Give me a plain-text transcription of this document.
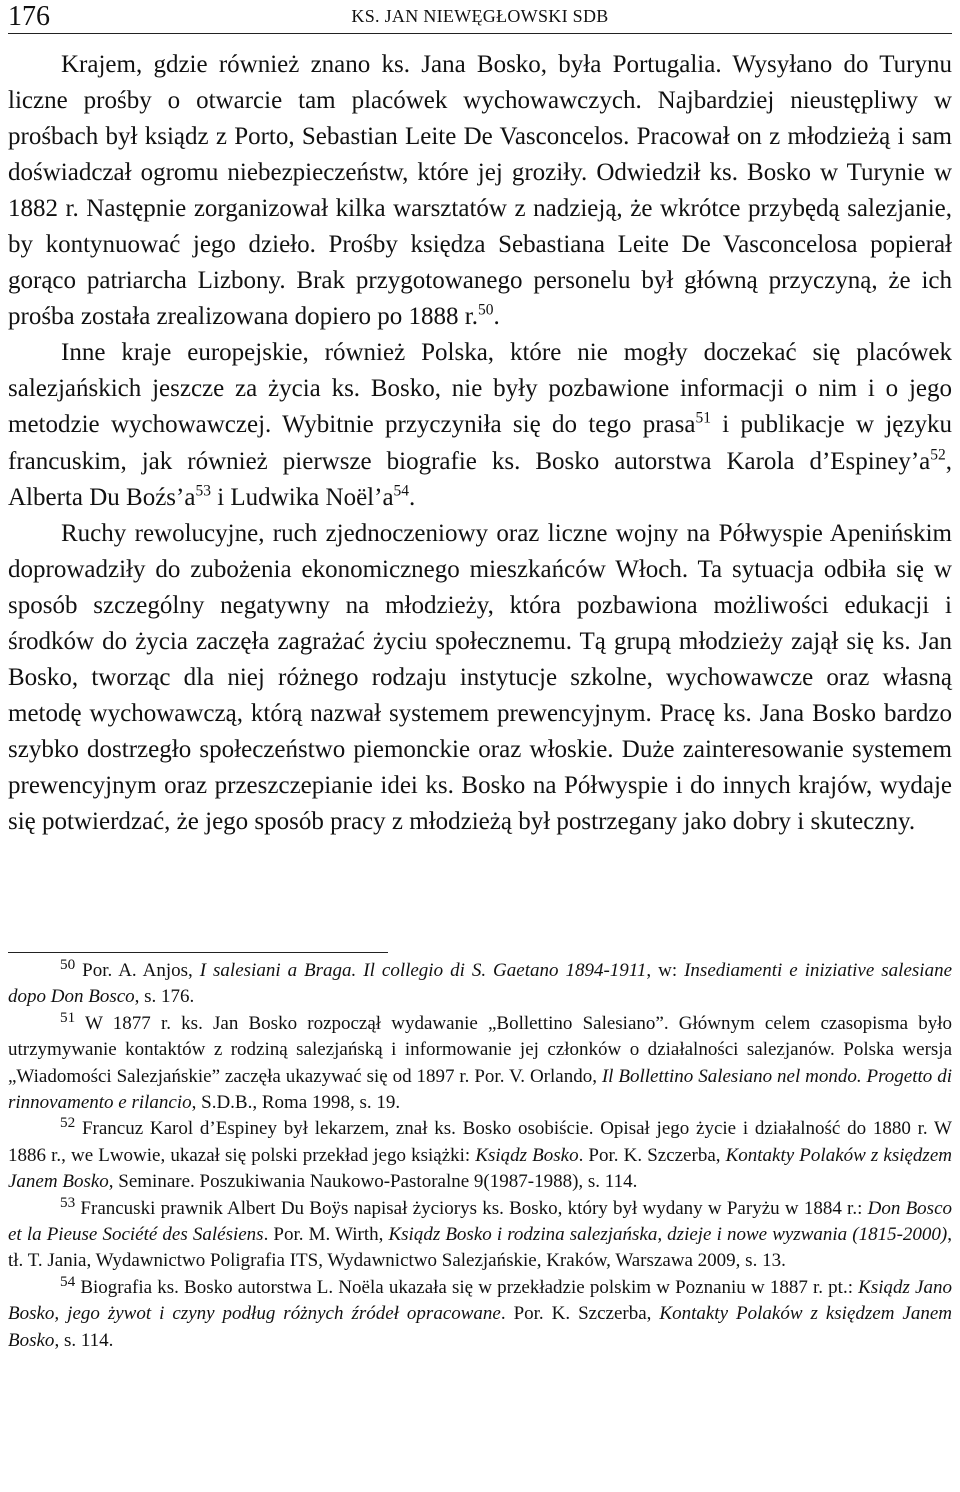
176	KS. JAN NIEWĘGŁOWSKI SDB

Krajem, gdzie również znano ks. Jana Bosko, była Portugalia. Wysyłano do Turynu liczne prośby o otwarcie tam placówek wychowawczych. Najbardziej nieustępliwy w prośbach był ksiądz z Porto, Sebastian Leite De Vasconcelos. Pracował on z młodzieżą i sam doświadczał ogromu niebezpieczeństw, które jej groziły. Odwiedził ks. Bosko w Turynie w 1882 r. Następnie zorganizował kilka warsztatów z nadzieją, że wkrótce przybędą salezjanie, by kontynuować jego dzieło. Prośby księdza Sebastiana Leite De Vasconcelosa popierał gorąco patriarcha Lizbony. Brak przygotowanego personelu był główną przyczyną, że ich prośba została zrealizowana dopiero po 1888 r.$^{50}$.

Inne kraje europejskie, również Polska, które nie mogły doczekać się placówek salezjańskich jeszcze za życia ks. Bosko, nie były pozbawione informacji o nim i o jego metodzie wychowawczej. Wybitnie przyczyniła się do tego prasa$^{51}$ i publikacje w języku francuskim, jak również pierwsze biografie ks. Bosko autorstwa Karola $d’Espiney’a^{52}$, Alberta Du $Boźs’a^{53}$ i Ludwika $Noël’a^{54}$.

Ruchy rewolucyjne, ruch zjednoczeniowy oraz liczne wojny na Półwyspie Apenińskim doprowadziły do zubożenia ekonomicznego mieszkańców Włoch. Ta sytuacja odbiła się w sposób szczególny negatywny na młodzieży, która pozbawiona możliwości edukacji i środków do życia zaczęła zagrażać życiu społecznemu. Tą grupą młodzieży zajął się ks. Jan Bosko, tworząc dla niej różnego rodzaju instytucje szkolne, wychowawcze oraz własną metodę wychowawczą, którą nazwał systemem prewencyjnym. Pracę ks. Jana Bosko bardzo szybko dostrzegło społeczeństwo piemonckie oraz włoskie. Duże zainteresowanie systemem prewencyjnym oraz przeszczepianie idei ks. Bosko na Półwyspie i do innych krajów, wydaje się potwierdzać, że jego sposób pracy z młodzieżą był postrzegany jako dobry i skuteczny.

$^{50}$ Por. A. Anjos, I salesiani a Braga. Il collegio di S. Gaetano 1894-1911, w: Insediamenti e iniziative salesiane dopo Don Bosco, s. 176.

$^{51}$ W 1877 r. ks. Jan Bosko rozpoczął wydawanie „Bollettino Salesiano”. Głównym celem czasopisma było utrzymywanie kontaktów z rodziną salezjańską i informowanie jej członków o działalności salezjanów. Polska wersja „Wiadomości Salezjańskie” zaczęła ukazywać się od 1897 r. Por. V. Orlando, Il Bollettino Salesiano nel mondo. Progetto di rinnovamento e rilancio, S.D.B., Roma 1998, s. 19.

$^{52}$ Francuz Karol d’Espiney był lekarzem, znał ks. Bosko osobiście. Opisał jego życie i działalność do 1880 r. W 1886 r., we Lwowie, ukazał się polski przekład jego książki: Ksiądz Bosko. Por. K. Szczerba, Kontakty Polaków z księdzem Janem Bosko, Seminare. Poszukiwania Naukowo-Pastoralne 9(1987-1988), s. 114.

$^{53}$ Francuski prawnik Albert Du Boÿs napisał życiorys ks. Bosko, który był wydany w Paryżu w 1884 r.: Don Bosco et la Pieuse Société des Salésiens. Por. M. Wirth, Ksiądz Bosko i rodzina salezjańska, dzieje i nowe wyzwania (1815-2000), tł. T. Jania, Wydawnictwo Poligrafia ITS, Wydawnictwo Salezjańskie, Kraków, Warszawa 2009, s. 13.

$^{54}$ Biografia ks. Bosko autorstwa L. Noëla ukazała się w przekładzie polskim w Poznaniu w 1887 r. pt.: Ksiądz Jano Bosko, jego żywot i czyny podług różnych źródeł opracowane. Por. K. Szczerba, Kontakty Polaków z księdzem Janem Bosko, s. 114.
